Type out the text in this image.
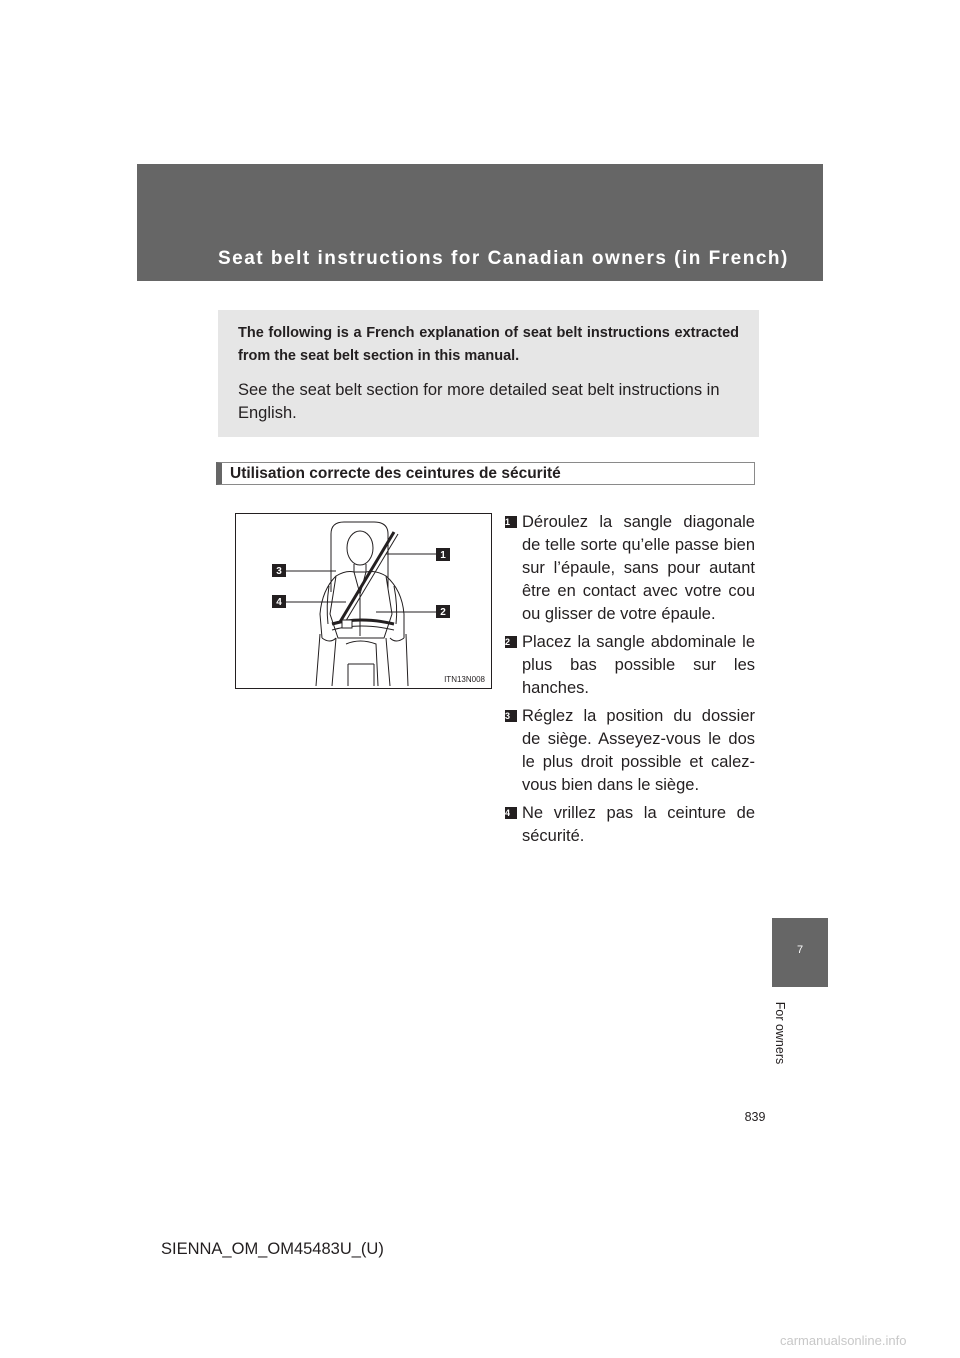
Seat belt instructions for Canadian owners (in French)

The following is a French explanation of seat belt instructions extracted from the seat belt section in this manual.

See the seat belt section for more detailed seat belt instructions in English.

Utilisation correcte des ceintures de sécurité
3
4
1
2
ITN13N008
1 Déroulez la sangle diagonale de telle sorte qu’elle passe bien sur l’épaule, sans pour autant être en contact avec votre cou ou glisser de votre épaule.
2 Placez la sangle abdominale le plus bas possible sur les hanches.
3 Réglez la position du dossier de siège. Asseyez-vous le dos le plus droit possible et calez-vous bien dans le siège.
4 Ne vrillez pas la ceinture de sécurité.
7
For owners
839
SIENNA_OM_OM45483U_(U)
carmanualsonline.info
